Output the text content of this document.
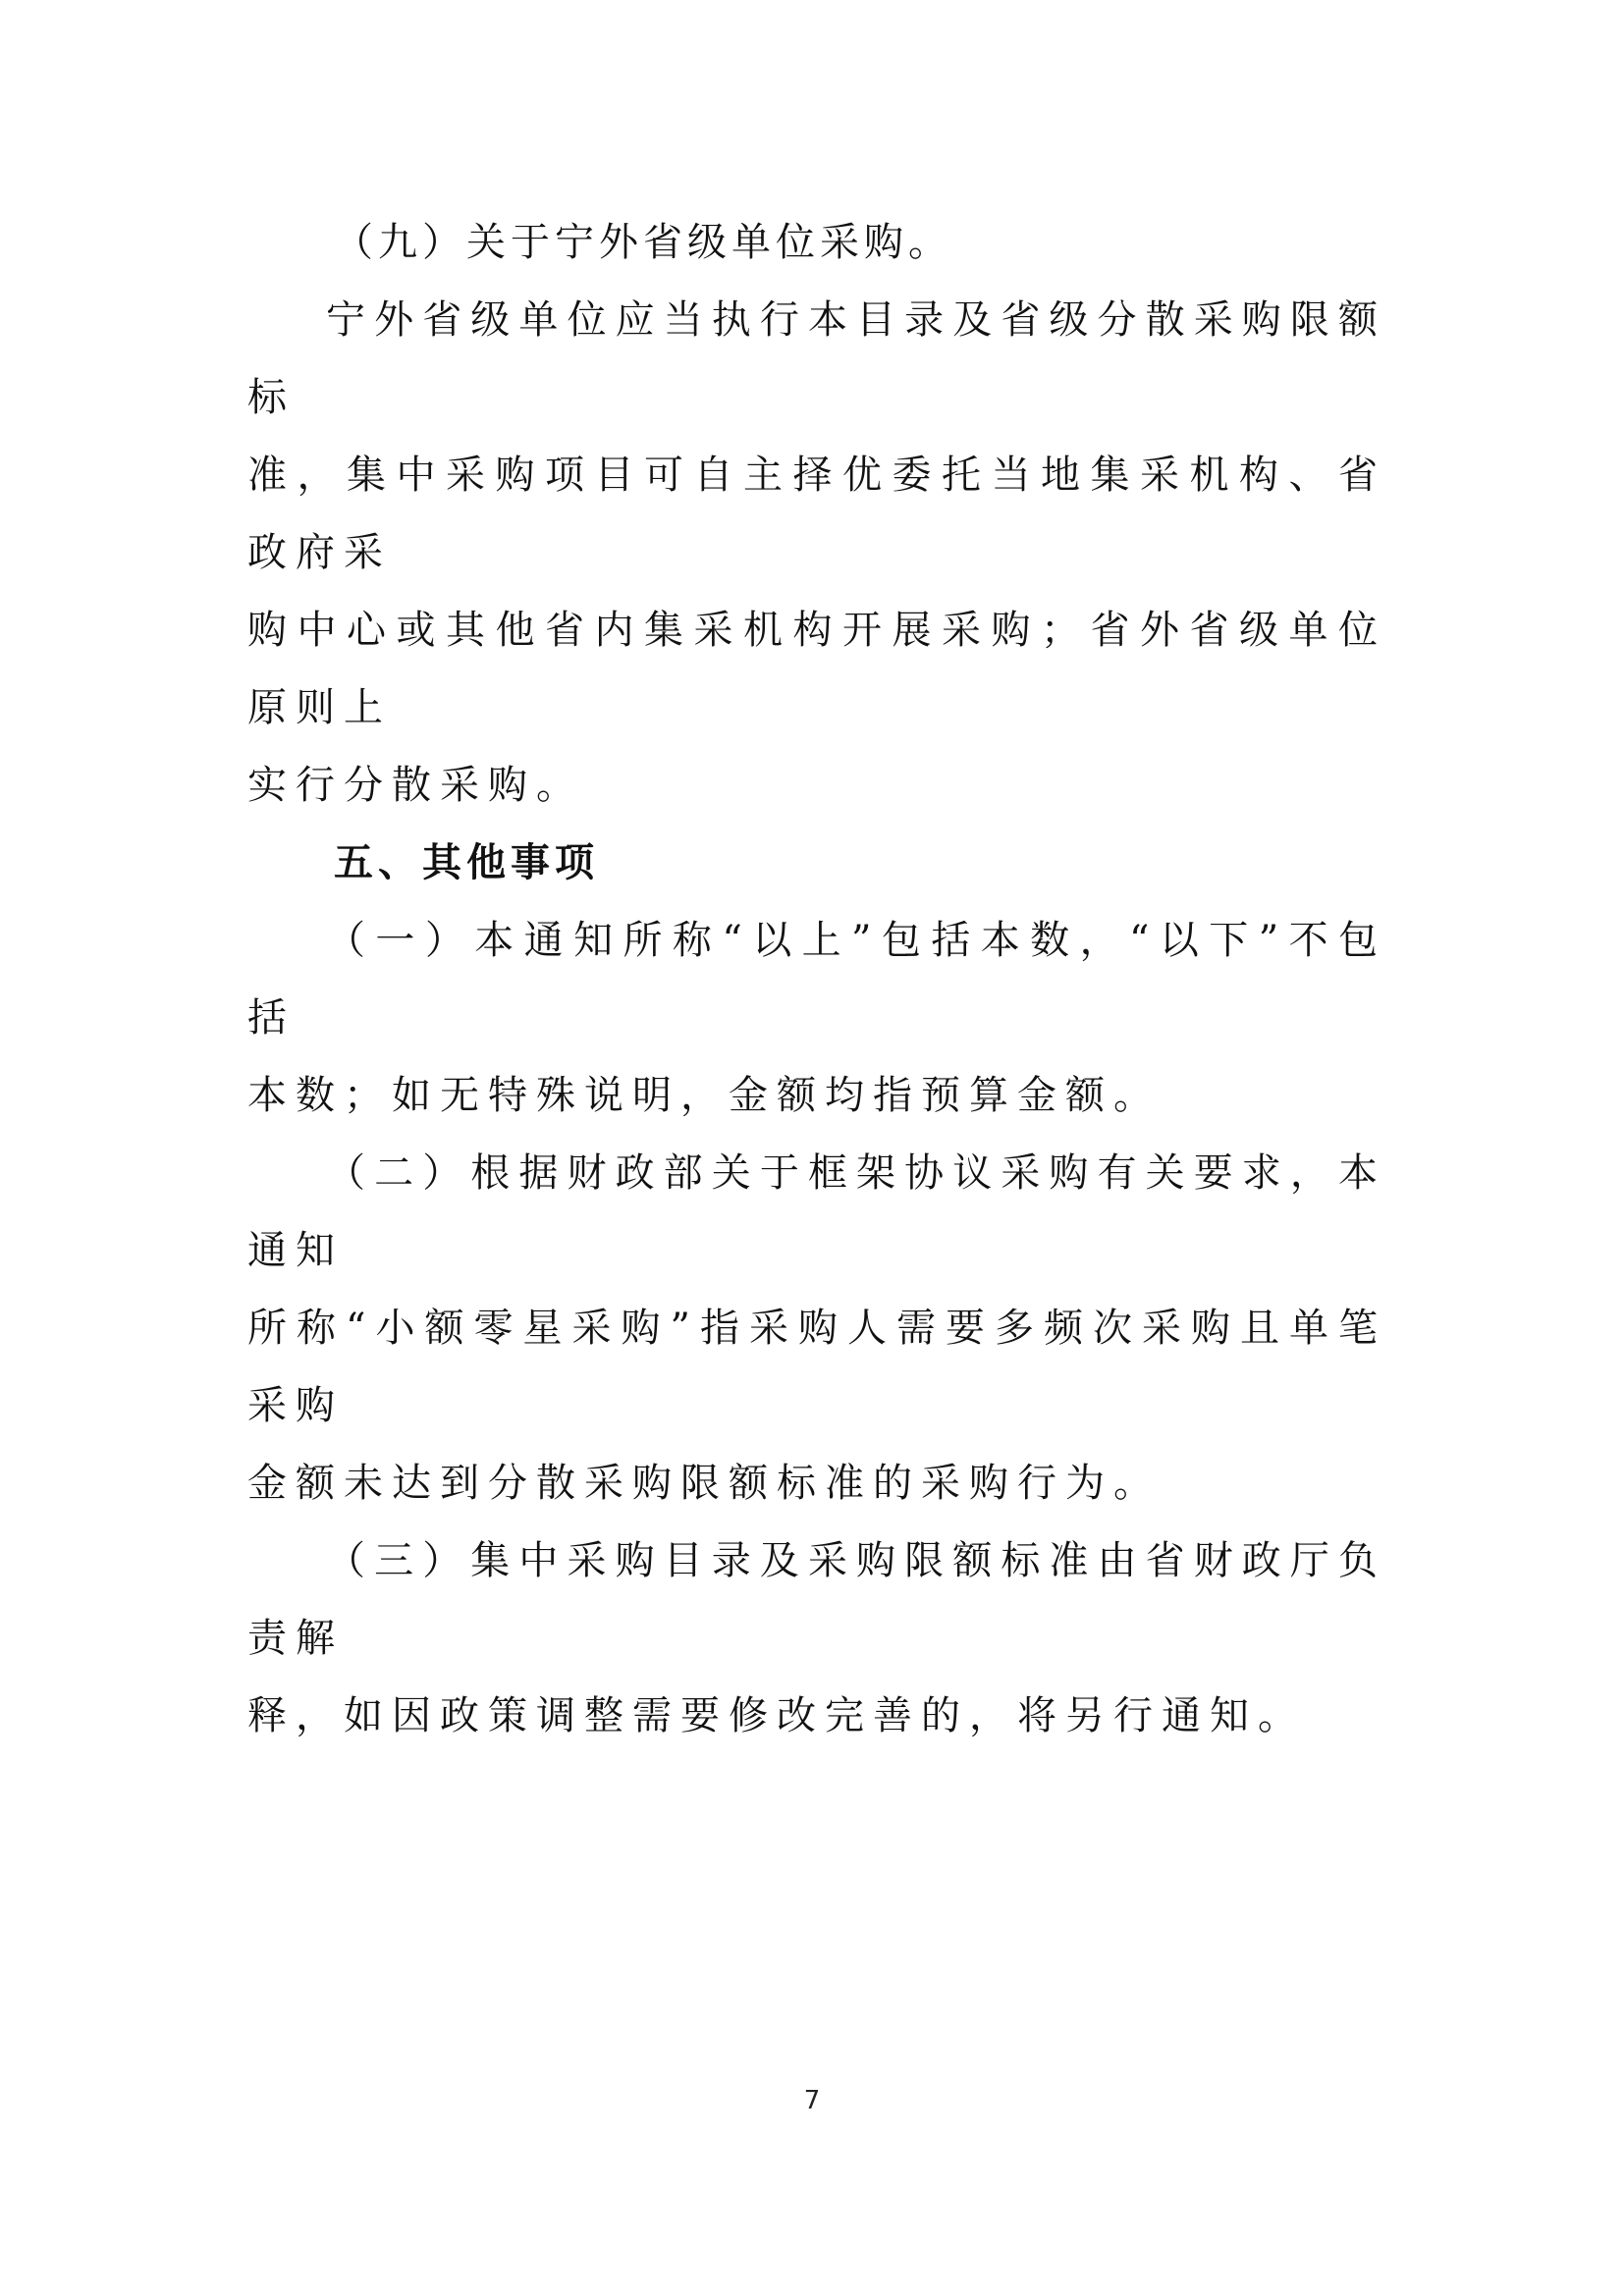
（九）关于宁外省级单位采购。

宁外省级单位应当执行本目录及省级分散采购限额标
准，集中采购项目可自主择优委托当地集采机构、省政府采
购中心或其他省内集采机构开展采购；省外省级单位原则上
实行分散采购。

五、其他事项

（一）本通知所称“以上”包括本数，“以下”不包括
本数；如无特殊说明，金额均指预算金额。

（二）根据财政部关于框架协议采购有关要求，本通知
所称“小额零星采购”指采购人需要多频次采购且单笔采购
金额未达到分散采购限额标准的采购行为。

（三）集中采购目录及采购限额标准由省财政厅负责解
释，如因政策调整需要修改完善的，将另行通知。

7
